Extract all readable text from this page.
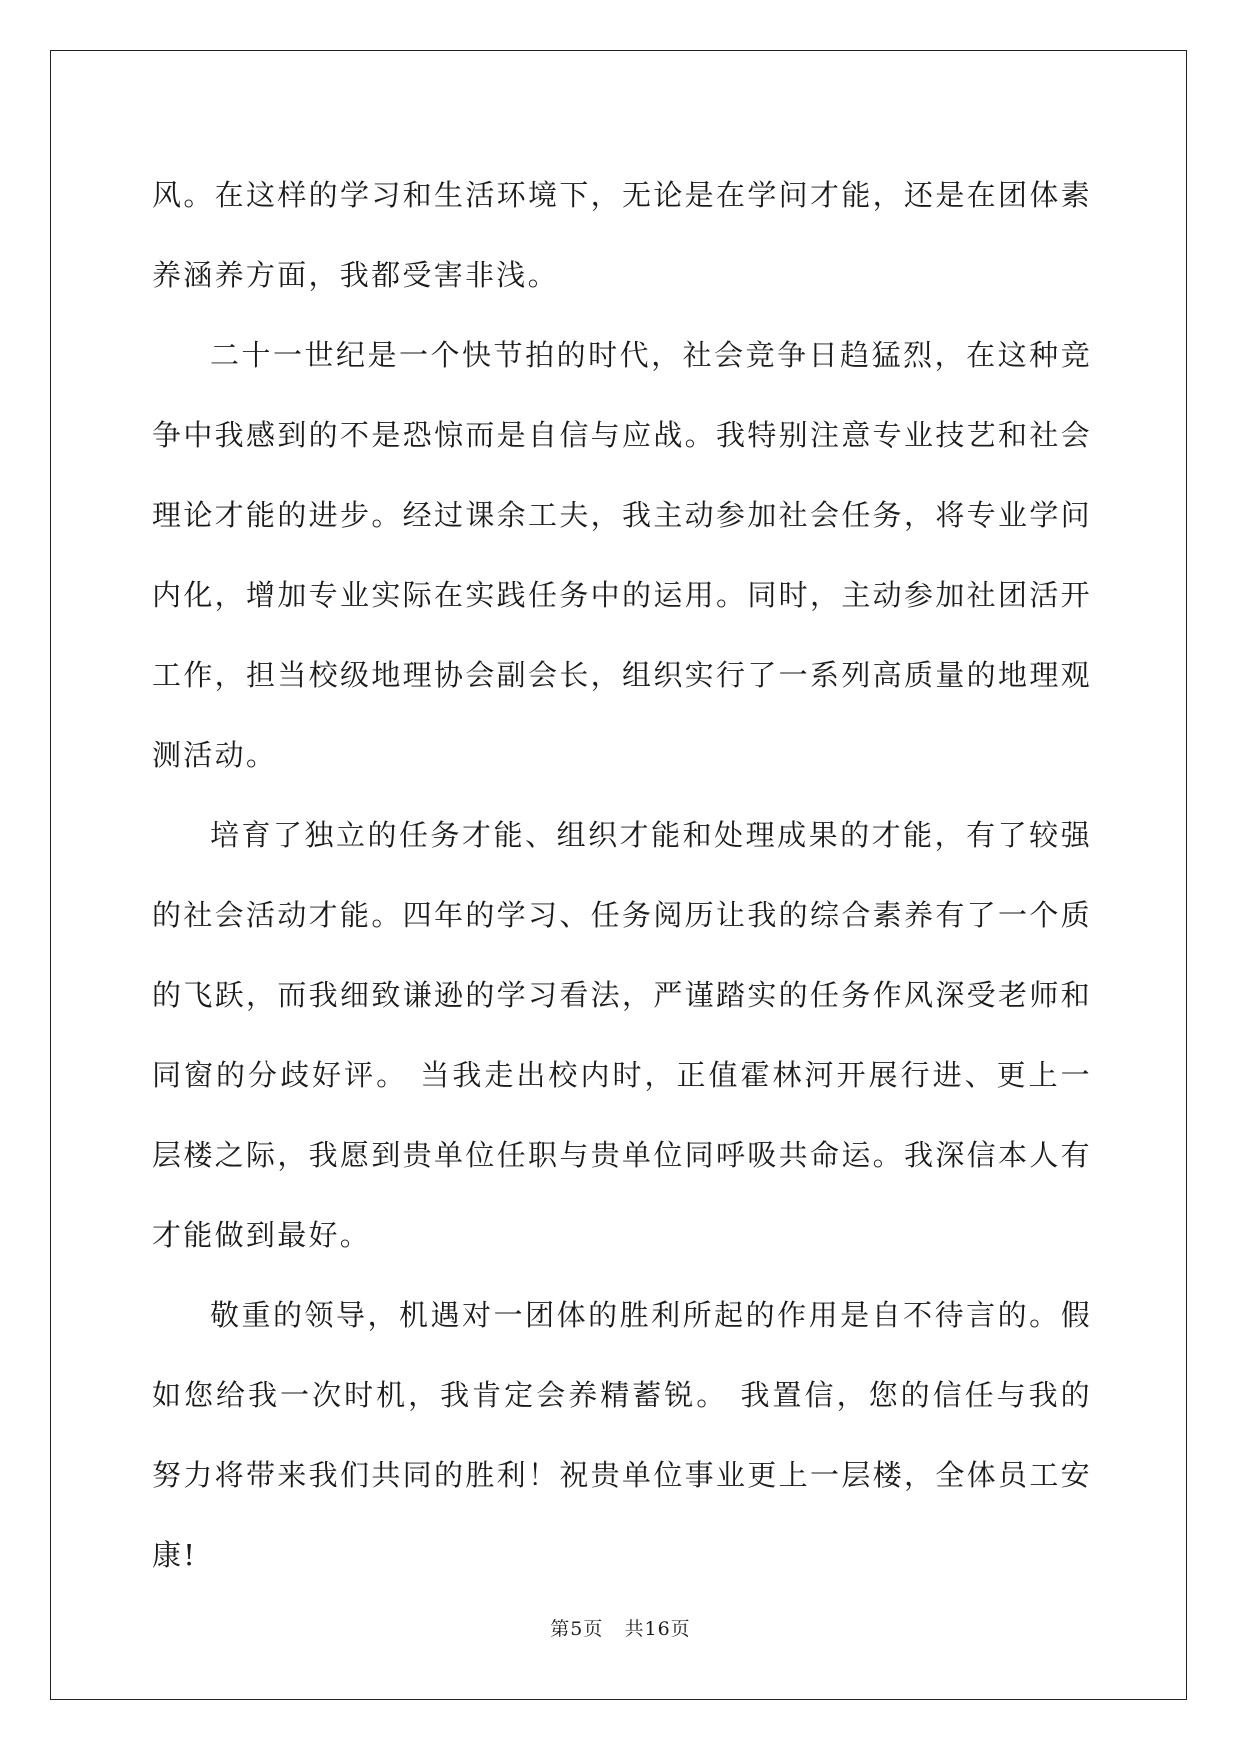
风。在这样的学习和生活环境下，无论是在学问才能，还是在团体素养涵养方面，我都受害非浅。

二十一世纪是一个快节拍的时代，社会竞争日趋猛烈，在这种竞争中我感到的不是恐惊而是自信与应战。我特别注意专业技艺和社会理论才能的进步。经过课余工夫，我主动参加社会任务，将专业学问内化，增加专业实际在实践任务中的运用。同时，主动参加社团活开工作，担当校级地理协会副会长，组织实行了一系列高质量的地理观测活动。

培育了独立的任务才能、组织才能和处理成果的才能，有了较强的社会活动才能。四年的学习、任务阅历让我的综合素养有了一个质的飞跃，而我细致谦逊的学习看法，严谨踏实的任务作风深受老师和同窗的分歧好评。 当我走出校内时，正值霍林河开展行进、更上一层楼之际，我愿到贵单位任职与贵单位同呼吸共命运。我深信本人有才能做到最好。

敬重的领导，机遇对一团体的胜利所起的作用是自不待言的。假如您给我一次时机，我肯定会养精蓄锐。 我置信，您的信任与我的努力将带来我们共同的胜利！祝贵单位事业更上一层楼，全体员工安康!

第5页   共16页
